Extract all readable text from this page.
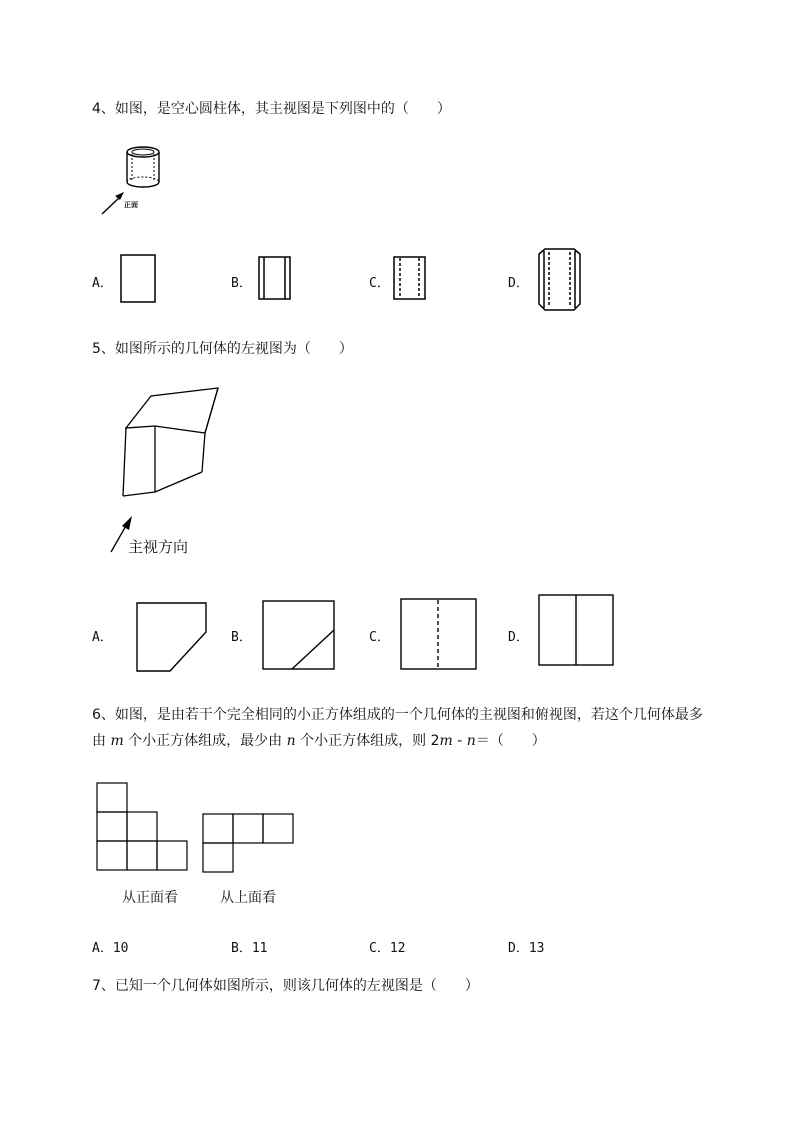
4、如图，是空心圆柱体，其主视图是下列图中的（　　）
正面
A．	B．	C．	D．
5、如图所示的几何体的左视图为（　　）
主视方向
A．	B．	C．	D．
6、如图，是由若干个完全相同的小正方体组成的一个几何体的主视图和俯视图，若这个几何体最多
由 m 个小正方体组成，最少由 n 个小正方体组成，则 2m ‑ n＝（　　）
从正面看	从上面看
A．10	B．11	C．12	D．13
7、已知一个几何体如图所示，则该几何体的左视图是（　　）
